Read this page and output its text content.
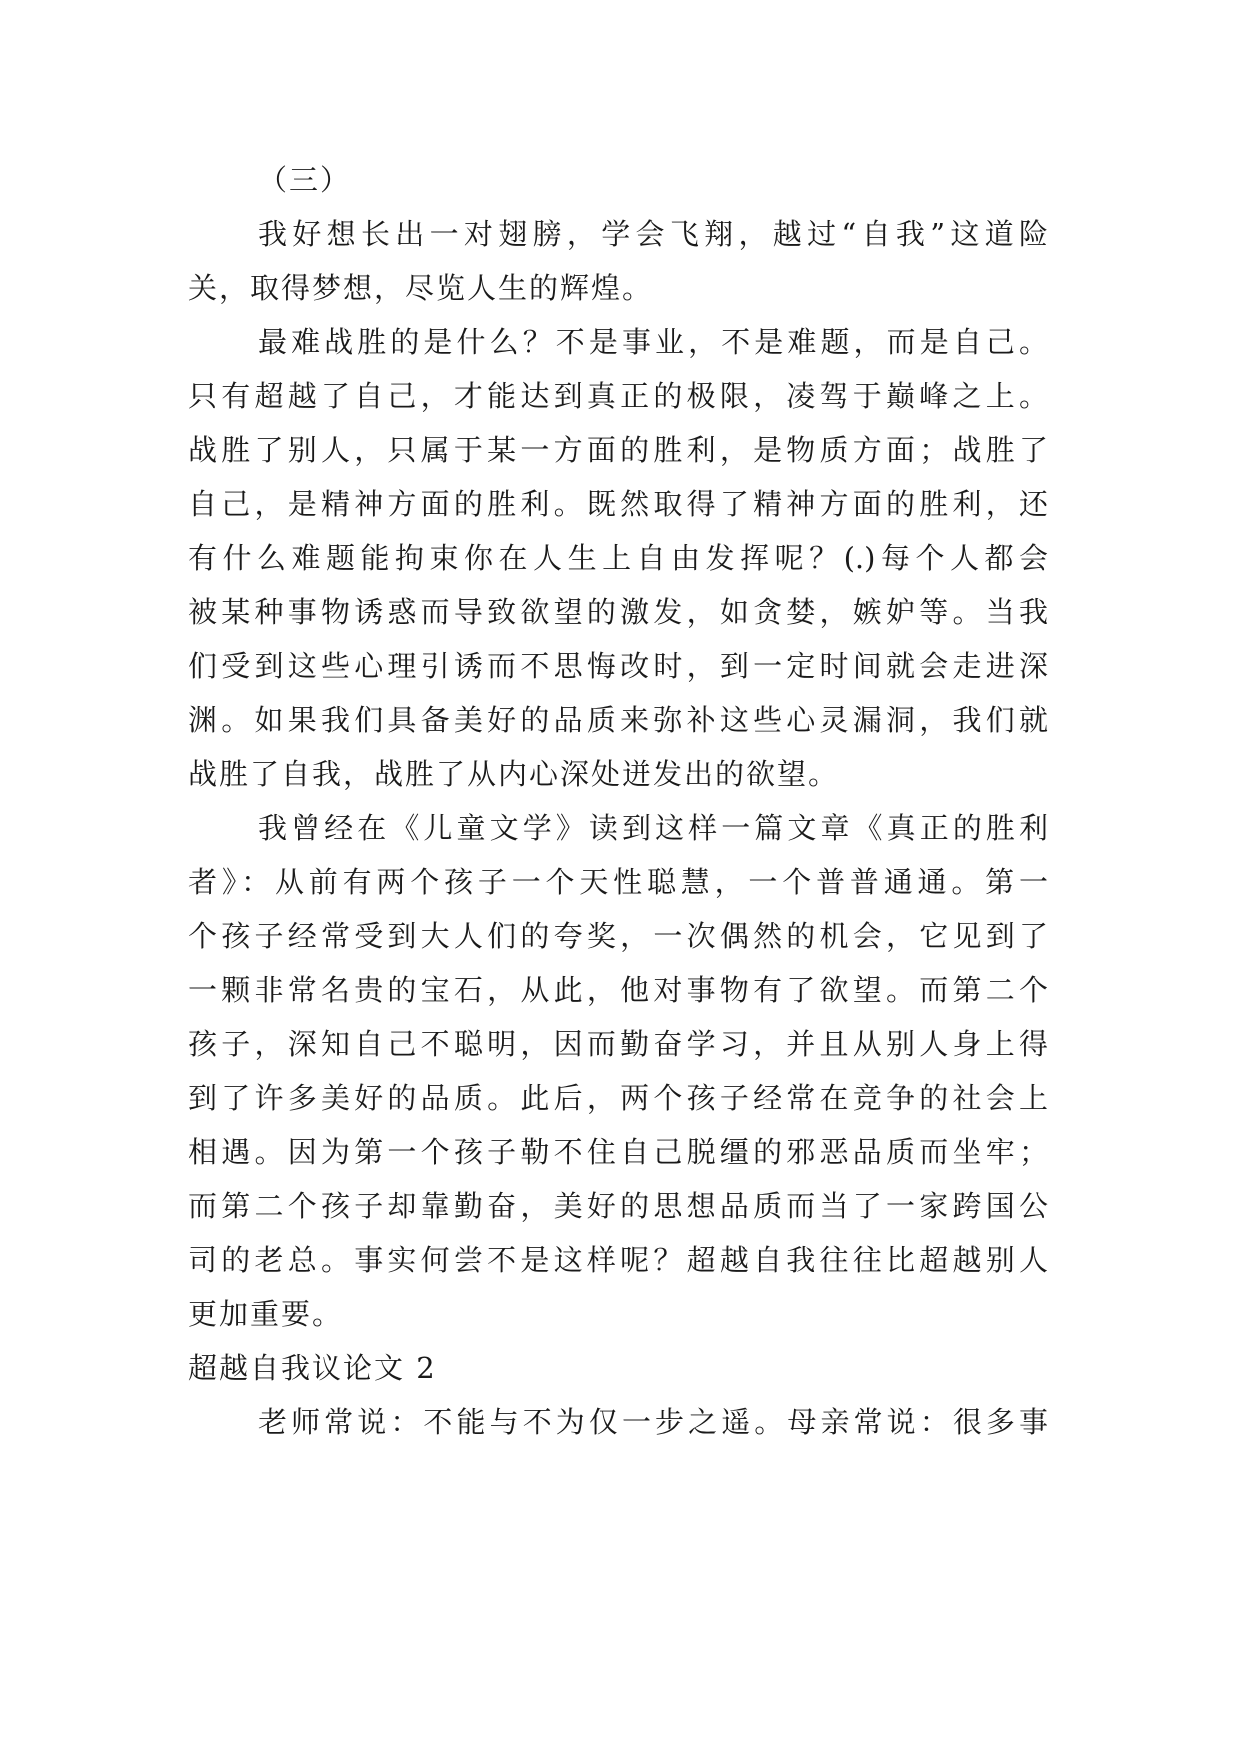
（三）
我好想长出一对翅膀，学会飞翔，越过“自我”这道险
关，取得梦想，尽览人生的辉煌。
最难战胜的是什么？不是事业，不是难题，而是自己。
只有超越了自己，才能达到真正的极限，凌驾于巅峰之上。
战胜了别人，只属于某一方面的胜利，是物质方面；战胜了
自己，是精神方面的胜利。既然取得了精神方面的胜利，还
有什么难题能拘束你在人生上自由发挥呢？(.)每个人都会
被某种事物诱惑而导致欲望的激发，如贪婪，嫉妒等。当我
们受到这些心理引诱而不思悔改时，到一定时间就会走进深
渊。如果我们具备美好的品质来弥补这些心灵漏洞，我们就
战胜了自我，战胜了从内心深处迸发出的欲望。
我曾经在《儿童文学》读到这样一篇文章《真正的胜利
者》：从前有两个孩子一个天性聪慧，一个普普通通。第一
个孩子经常受到大人们的夸奖，一次偶然的机会，它见到了
一颗非常名贵的宝石，从此，他对事物有了欲望。而第二个
孩子，深知自己不聪明，因而勤奋学习，并且从别人身上得
到了许多美好的品质。此后，两个孩子经常在竞争的社会上
相遇。因为第一个孩子勒不住自己脱缰的邪恶品质而坐牢；
而第二个孩子却靠勤奋，美好的思想品质而当了一家跨国公
司的老总。事实何尝不是这样呢？超越自我往往比超越别人
更加重要。
超越自我议论文 2
老师常说：不能与不为仅一步之遥。母亲常说：很多事
